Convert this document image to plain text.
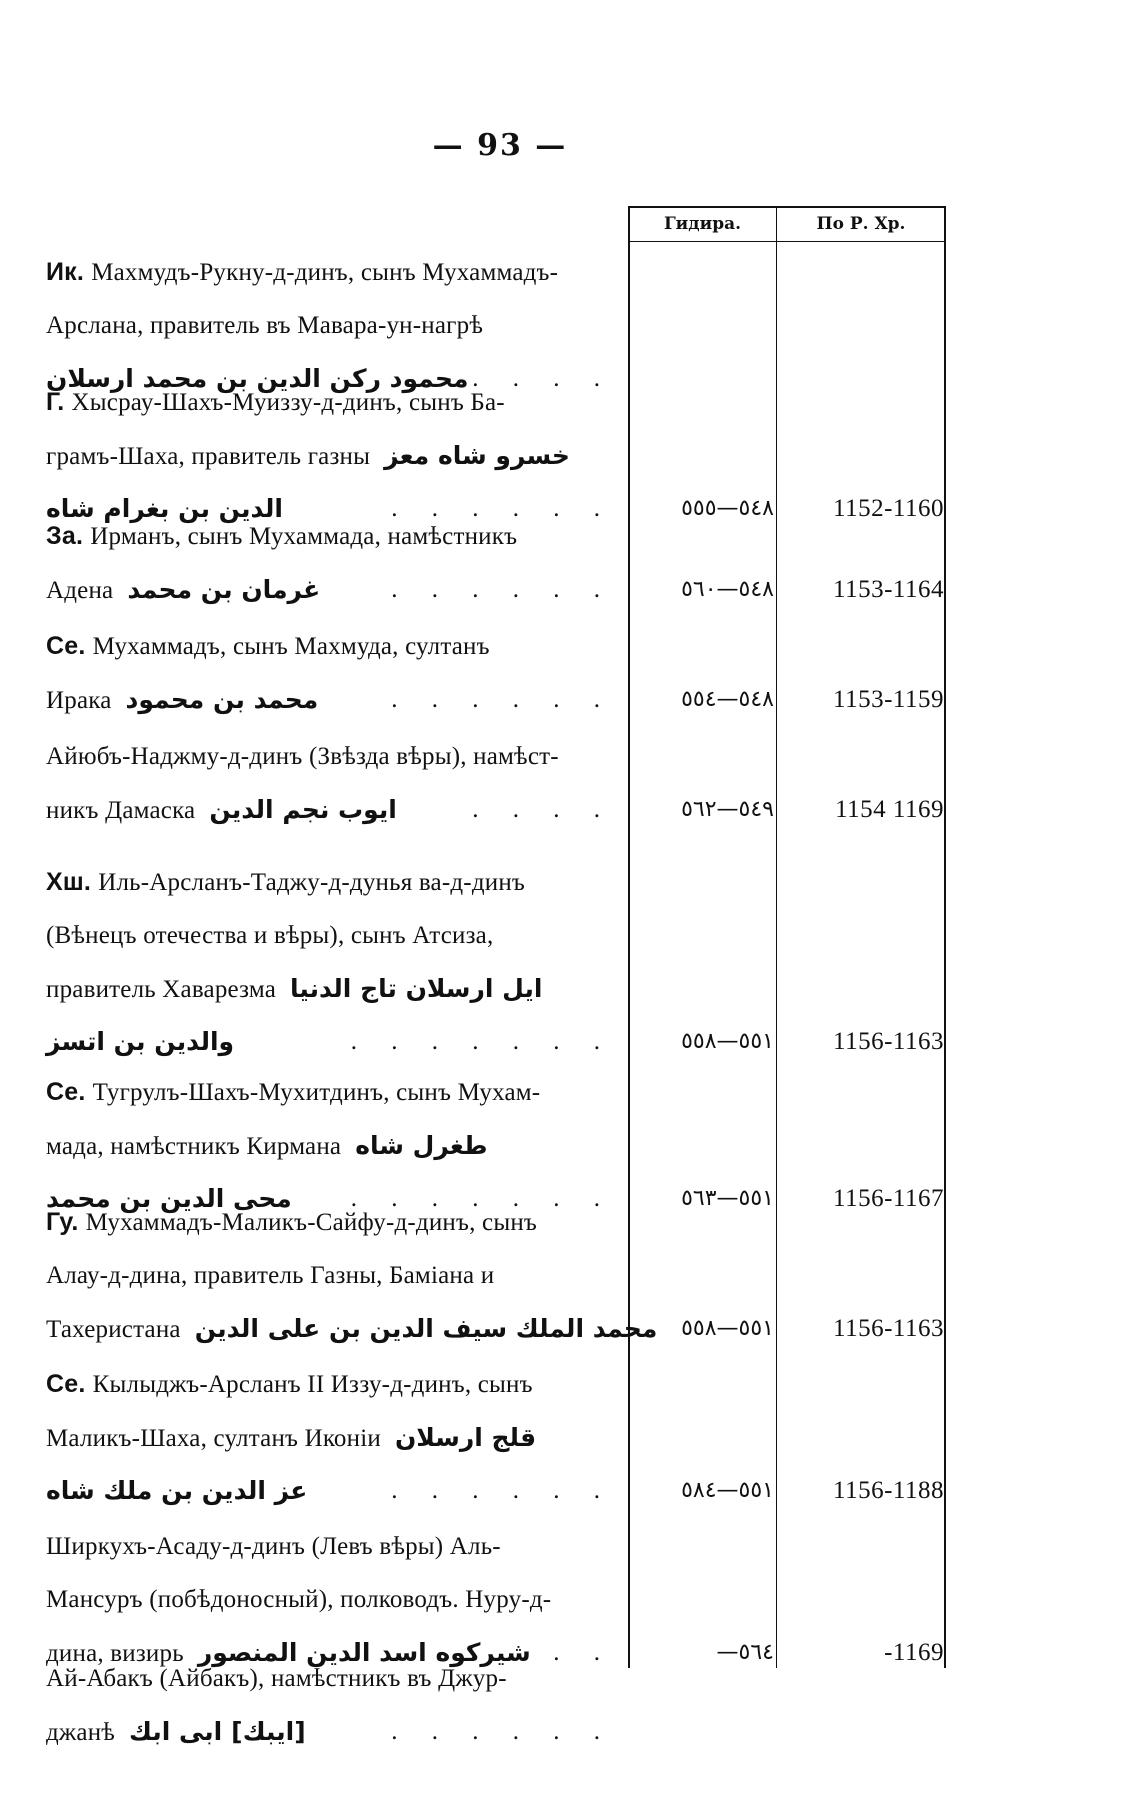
— 93 —
Гидира.	По Р. Хр.
Ик. Махмудъ-Рукну-д-динъ, сынъ Мухаммадъ-
Арслана, правитель въ Мавара-ун-нагрѣ
محمود ركن الدين بن محمد ارسلان . . . .
Г. Хысрау-Шахъ-Муиззу-д-динъ, сынъ Ба-
грамъ-Шаха, правитель газны خسرو شاه معز
الدين بن بغرام شاه	. . . . . .	٥٤٨—٥٥٥	1152-1160
За. Ирманъ, сынъ Мухаммада, намѣстникъ
Адена غرمان بن محمد . . . . . .	٥٤٨—٥٦٠	1153-1164
Се. Мухаммадъ, сынъ Махмуда, султанъ
Ирака محمد بن محمود	. . . . . .	٥٤٨—٥٥٤	1153-1159
Айюбъ-Наджму-д-динъ (Звѣзда вѣры), намѣст-
никъ Дамаска ايوب نجم الدين	. . . .	٥٤٩—٥٦٢	1154 1169
Хш. Иль-Арсланъ-Таджу-д-дунья ва-д-динъ
(Вѣнецъ отечества и вѣры), сынъ Атсиза,
правитель Хаварезма ايل ارسلان تاج الدنيا
والدين بن اتسز	. . . . . . .	٥٥١—٥٥٨	1156-1163
Се. Тугрулъ-Шахъ-Мухитдинъ, сынъ Мухам-
мада, намѣстникъ Кирмана طغرل شاه
محى الدين بن محمد . . . . . . .	٥٥١—٥٦٣	1156-1167
Гу. Мухаммадъ-Маликъ-Сайфу-д-динъ, сынъ
Алау-д-дина, правитель Газны, Баміана и
Тахеристана محمد الملك سيف الدين بن على الدين ٥٥١—٥٥٨	1156-1163
Се. Кылыджъ-Арсланъ II Иззу-д-динъ, сынъ
Маликъ-Шаха, султанъ Иконіи قلج ارسلان
عز الدين بن ملك شاه	. . . . . .	٥٥١—٥٨٤	1156-1188
Ширкухъ-Асаду-д-динъ (Левъ вѣры) Аль-
Мансуръ (побѣдоносный), полководъ. Нуру-д-
дина, визирь شيركوه اسد الدين المنصور . .	—٥٦٤	-1169
Ай-Абакъ (Айбакъ), намѣстникъ въ Джур-
джанѣ [ايبك] ابى ابك	. . . . . .
